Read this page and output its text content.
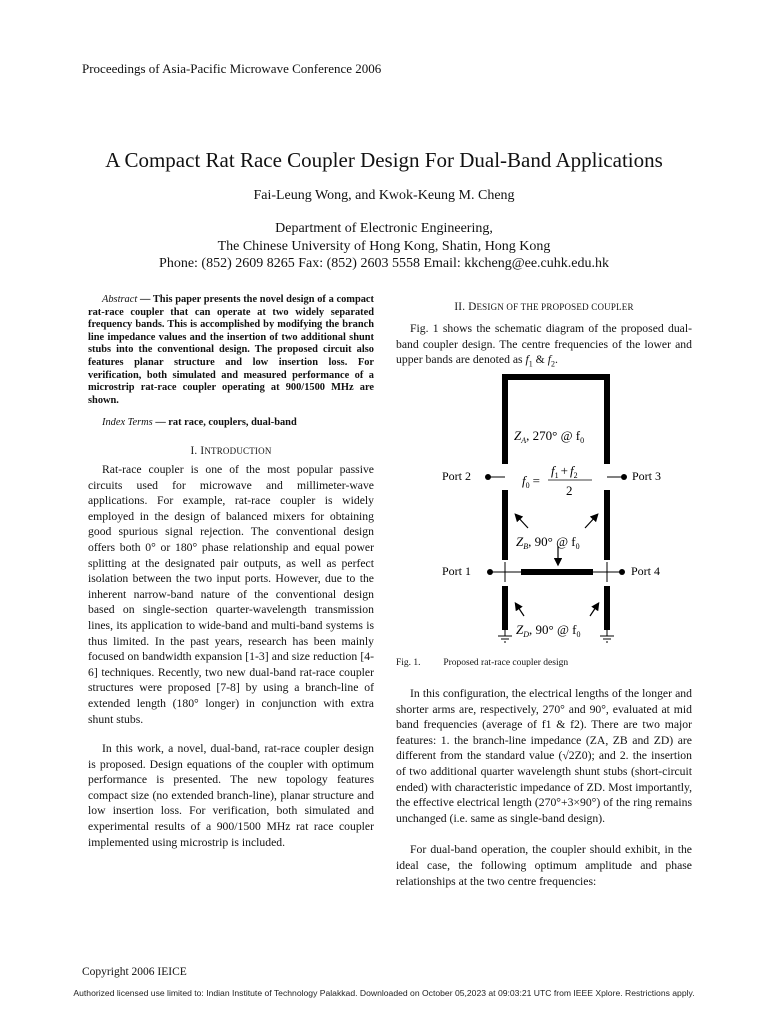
Proceedings of Asia-Pacific Microwave Conference 2006
A Compact Rat Race Coupler Design For Dual-Band Applications
Fai-Leung Wong, and Kwok-Keung M. Cheng
Department of Electronic Engineering,
The Chinese University of Hong Kong, Shatin, Hong Kong
Phone: (852) 2609 8265 Fax: (852) 2603 5558 Email: kkcheng@ee.cuhk.edu.hk
Abstract — This paper presents the novel design of a compact rat-race coupler that can operate at two widely separated frequency bands. This is accomplished by modifying the branch line impedance values and the insertion of two additional shunt stubs into the conventional design. The proposed circuit also features planar structure and low insertion loss. For verification, both simulated and measured performance of a microstrip rat-race coupler operating at 900/1500 MHz are shown.
Index Terms — rat race, couplers, dual-band
I. INTRODUCTION

Rat-race coupler is one of the most popular passive circuits used for microwave and millimeter-wave applications. For example, rat-race coupler is widely employed in the design of balanced mixers for obtaining good spurious signal rejection. The conventional design offers both 0° or 180° phase relationship and equal power splitting at the designated pair outputs, as well as perfect isolation between the two input ports. However, due to the inherent narrow-band nature of the conventional design based on single-section quarter-wavelength transmission lines, its application to wide-band and multi-band systems is thus limited. In the past years, research has been mainly focused on bandwidth expansion [1-3] and size reduction [4-6] techniques. Recently, two new dual-band rat-race coupler structures were proposed [7-8] by using a branch-line of extended length (180° longer) in conjunction with extra shunt stubs.

In this work, a novel, dual-band, rat-race coupler design is proposed. Design equations of the coupler with optimum performance is presented. The new topology features compact size (no extended branch-line), planar structure and low insertion loss. For verification, both simulated and experimental results of a 900/1500 MHz rat race coupler implemented using microstrip is included.

II. DESIGN OF THE PROPOSED COUPLER

Fig. 1 shows the schematic diagram of the proposed dual-band coupler design. The centre frequencies of the lower and upper bands are denoted as $f_1$ & $f_2$.

$Z_A$, 270° @ $f_0$
Port 2	Port 3
$f_0$ =
$f_1 + f_2$
2
$Z_B$, 90° @ $f_0$
Port 1	Port 4
$Z_D$, 90° @ $f_0$
Fig. 1. Proposed rat-race coupler design

In this configuration, the electrical lengths of the longer and shorter arms are, respectively, 270° and 90°, evaluated at mid band frequencies (average of f1 & f2). There are two major features: 1. the branch-line impedance (ZA, ZB and ZD) are different from the standard value (√2Z0); and 2. the insertion of two additional quarter wavelength shunt stubs (short-circuit ended) with characteristic impedance of ZD. Most importantly, the effective electrical length (270°+3×90°) of the ring remains unchanged (i.e. same as single-band design).

For dual-band operation, the coupler should exhibit, in the ideal case, the following optimum amplitude and phase relationships at the two centre frequencies:

Copyright 2006 IEICE
Authorized licensed use limited to: Indian Institute of Technology Palakkad. Downloaded on October 05,2023 at 09:03:21 UTC from IEEE Xplore. Restrictions apply.
